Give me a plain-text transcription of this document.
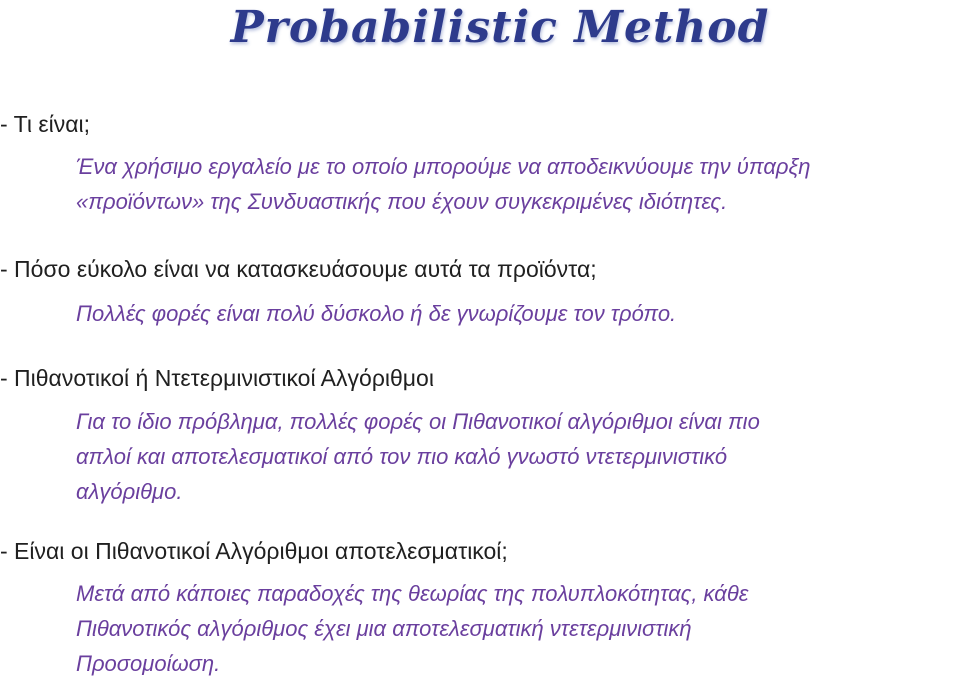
Probabilistic Method
- Τι είναι;
Ένα χρήσιμο εργαλείο με το οποίο μπορούμε να αποδεικνύουμε την ύπαρξη
«προϊόντων» της Συνδυαστικής που έχουν συγκεκριμένες ιδιότητες.
- Πόσο εύκολο είναι να κατασκευάσουμε αυτά τα προϊόντα;
Πολλές φορές είναι πολύ δύσκολο ή δε γνωρίζουμε τον τρόπο.
- Πιθανοτικοί ή Ντετερμινιστικοί Αλγόριθμοι
Για το ίδιο πρόβλημα, πολλές φορές οι Πιθανοτικοί αλγόριθμοι είναι πιο
απλοί και αποτελεσματικοί από τον πιο καλό γνωστό ντετερμινιστικό
αλγόριθμο.
- Είναι οι Πιθανοτικοί Αλγόριθμοι αποτελεσματικοί;
Μετά από κάποιες παραδοχές της θεωρίας της πολυπλοκότητας, κάθε
Πιθανοτικός αλγόριθμος έχει μια αποτελεσματική ντετερμινιστική
Προσομοίωση.
